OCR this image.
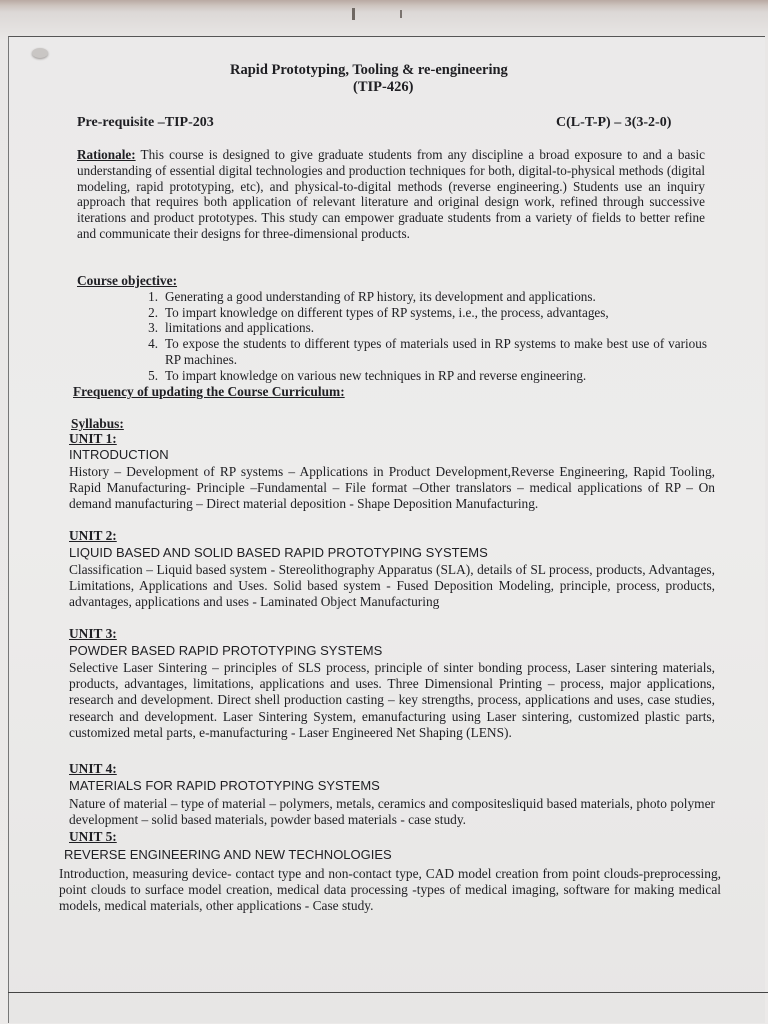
Rapid Prototyping, Tooling & re-engineering
(TIP-426)
Pre-requisite –TIP-203	C(L-T-P) – 3(3-2-0)
Rationale: This course is designed to give graduate students from any discipline a broad exposure to and a basic understanding of essential digital technologies and production techniques for both, digital-to-physical methods (digital modeling, rapid prototyping, etc), and physical-to-digital methods (reverse engineering.) Students use an inquiry approach that requires both application of relevant literature and original design work, refined through successive iterations and product prototypes. This study can empower graduate students from a variety of fields to better refine and communicate their designs for three-dimensional products.
Course objective:
1. Generating a good understanding of RP history, its development and applications.
2. To impart knowledge on different types of RP systems, i.e., the process, advantages,
3. limitations and applications.
4. To expose the students to different types of materials used in RP systems to make best use of various RP machines.
5. To impart knowledge on various new techniques in RP and reverse engineering.
Frequency of updating the Course Curriculum:
Syllabus:
UNIT 1:
INTRODUCTION
History – Development of RP systems – Applications in Product Development,Reverse Engineering, Rapid Tooling, Rapid Manufacturing- Principle –Fundamental – File format –Other translators – medical applications of RP – On demand manufacturing – Direct material deposition - Shape Deposition Manufacturing.
UNIT 2:
LIQUID BASED AND SOLID BASED RAPID PROTOTYPING SYSTEMS
Classification – Liquid based system - Stereolithography Apparatus (SLA), details of SL process, products, Advantages, Limitations, Applications and Uses. Solid based system - Fused Deposition Modeling, principle, process, products, advantages, applications and uses - Laminated Object Manufacturing
UNIT 3:
POWDER BASED RAPID PROTOTYPING SYSTEMS
Selective Laser Sintering – principles of SLS process, principle of sinter bonding process, Laser sintering materials, products, advantages, limitations, applications and uses. Three Dimensional Printing – process, major applications, research and development. Direct shell production casting – key strengths, process, applications and uses, case studies, research and development. Laser Sintering System, emanufacturing using Laser sintering, customized plastic parts, customized metal parts, e-manufacturing - Laser Engineered Net Shaping (LENS).
UNIT 4:
MATERIALS FOR RAPID PROTOTYPING SYSTEMS
Nature of material – type of material – polymers, metals, ceramics and compositesliquid based materials, photo polymer development – solid based materials, powder based materials - case study.
UNIT 5:
REVERSE ENGINEERING AND NEW TECHNOLOGIES
Introduction, measuring device- contact type and non-contact type, CAD model creation from point clouds-preprocessing, point clouds to surface model creation, medical data processing -types of medical imaging, software for making medical models, medical materials, other applications - Case study.
